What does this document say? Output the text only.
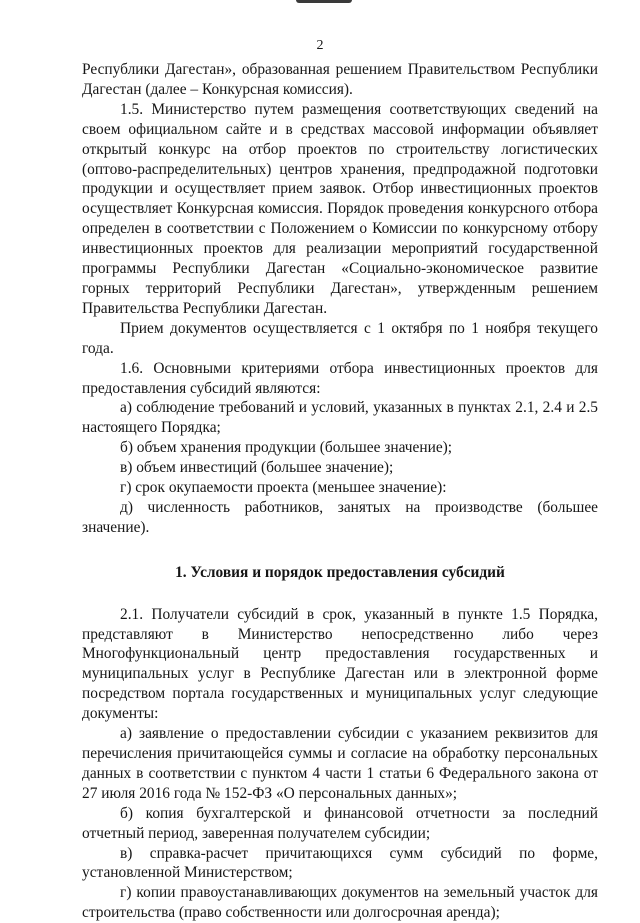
2

Республики Дагестан», образованная решением Правительством Республики Дагестан (далее – Конкурсная комиссия).

1.5. Министерство путем размещения соответствующих сведений на своем официальном сайте и в средствах массовой информации объявляет открытый конкурс на отбор проектов по строительству логистических (оптово-распределительных) центров хранения, предпродажной подготовки продукции и осуществляет прием заявок. Отбор инвестиционных проектов осуществляет Конкурсная комиссия. Порядок проведения конкурсного отбора определен в соответствии с Положением о Комиссии по конкурсному отбору инвестиционных проектов для реализации мероприятий государственной программы Республики Дагестан «Социально-экономическое развитие горных территорий Республики Дагестан», утвержденным решением Правительства Республики Дагестан.

Прием документов осуществляется с 1 октября по 1 ноября текущего года.

1.6. Основными критериями отбора инвестиционных проектов для предоставления субсидий являются:

а) соблюдение требований и условий, указанных в пунктах 2.1, 2.4 и 2.5 настоящего Порядка;

б) объем хранения продукции (большее значение);

в) объем инвестиций (большее значение);

г) срок окупаемости проекта (меньшее значение):

д) численность работников, занятых на производстве (большее значение).

1. Условия и порядок предоставления субсидий

2.1. Получатели субсидий в срок, указанный в пункте 1.5 Порядка,

представляют в Министерство непосредственно либо через

Многофункциональный центр предоставления государственных и

муниципальных услуг в Республике Дагестан или в электронной форме посредством портала государственных и муниципальных услуг следующие документы:

а) заявление о предоставлении субсидии с указанием реквизитов для перечисления причитающейся суммы и согласие на обработку персональных данных в соответствии с пунктом 4 части 1 статьи 6 Федерального закона от 27 июля 2016 года № 152-ФЗ «О персональных данных»;

б) копия бухгалтерской и финансовой отчетности за последний отчетный период, заверенная получателем субсидии;

в) справка-расчет причитающихся сумм субсидий по форме, установленной Министерством;

г) копии правоустанавливающих документов на земельный участок для строительства (право собственности или долгосрочная аренда);
